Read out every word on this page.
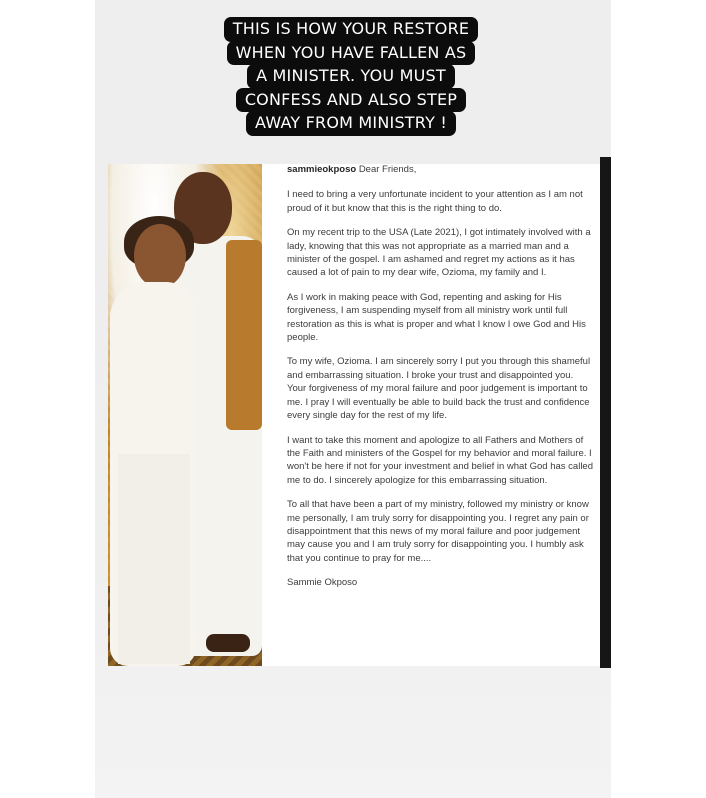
THIS IS HOW YOUR RESTORE
WHEN YOU HAVE FALLEN AS
A MINISTER. YOU MUST
CONFESS AND ALSO STEP
AWAY FROM MINISTRY !
sammieokposo Dear Friends,

I need to bring a very unfortunate incident to your attention as I am not proud of it but know that this is the right thing to do.

On my recent trip to the USA (Late 2021), I got intimately involved with a lady, knowing that this was not appropriate as a married man and a minister of the gospel. I am ashamed and regret my actions as it has caused a lot of pain to my dear wife, Ozioma, my family and I.

As I work in making peace with God, repenting and asking for His forgiveness, I am suspending myself from all ministry work until full restoration as this is what is proper and what I know I owe God and His people.

To my wife, Ozioma. I am sincerely sorry I put you through this shameful and embarrassing situation. I broke your trust and disappointed you. Your forgiveness of my moral failure and poor judgement is important to me. I pray I will eventually be able to build back the trust and confidence every single day for the rest of my life.

I want to take this moment and apologize to all Fathers and Mothers of the Faith and ministers of the Gospel for my behavior and moral failure. I won't be here if not for your investment and belief in what God has called me to do. I sincerely apologize for this embarrassing situation.

To all that have been a part of my ministry, followed my ministry or know me personally, I am truly sorry for disappointing you. I regret any pain or disappointment that this news of my moral failure and poor judgement may cause you and I am truly sorry for disappointing you. I humbly ask that you continue to pray for me....

Sammie Okposo
